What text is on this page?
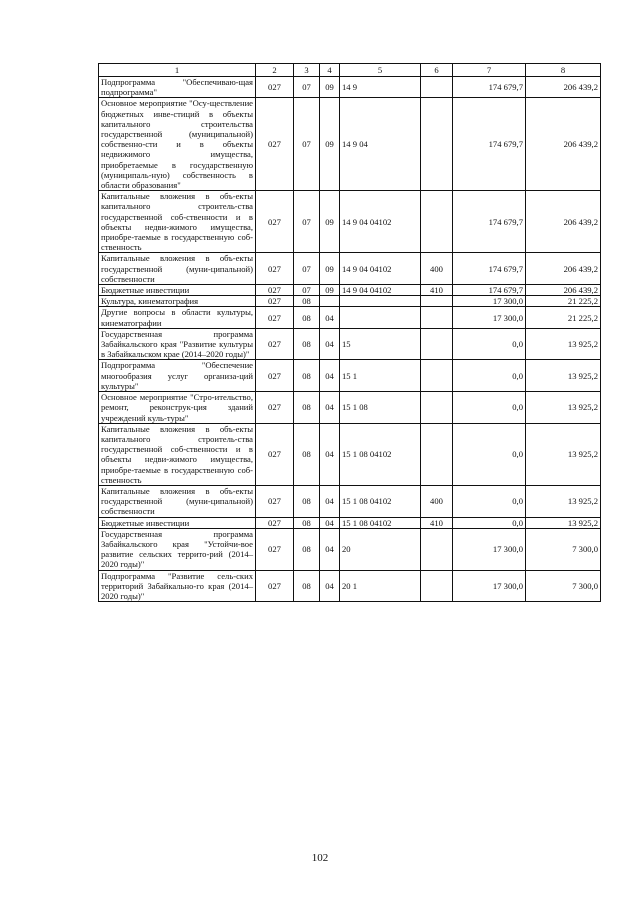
1	2	3	4	5	6	7	8
Подпрограмма "Обеспечиваю-щая подпрограмма"	027	07	09	14 9		174 679,7	206 439,2
Основное мероприятие "Осу-ществление бюджетных инве-стиций в объекты капитального строительства государственной (муниципальной) собственно-сти и в объекты недвижимого имущества, приобретаемые в государственную (муниципаль-ную) собственность в области образования"	027	07	09	14 9 04		174 679,7	206 439,2
Капитальные вложения в объ-екты капитального строитель-ства государственной соб-ственности и в объекты недви-жимого имущества, приобре-таемые в государственную соб-ственность	027	07	09	14 9 04 04102		174 679,7	206 439,2
Капитальные вложения в объ-екты государственной (муни-ципальной) собственности	027	07	09	14 9 04 04102	400	174 679,7	206 439,2
Бюджетные инвестиции	027	07	09	14 9 04 04102	410	174 679,7	206 439,2
Культура, кинематография	027	08				17 300,0	21 225,2
Другие вопросы в области культуры, кинематографии	027	08	04			17 300,0	21 225,2
Государственная программа Забайкальского края "Развитие культуры в Забайкальском крае (2014–2020 годы)"	027	08	04	15		0,0	13 925,2
Подпрограмма "Обеспечение многообразия услуг организа-ций культуры"	027	08	04	15 1		0,0	13 925,2
Основное мероприятие "Стро-ительство, ремонт, реконструк-ция зданий учреждений куль-туры"	027	08	04	15 1 08		0,0	13 925,2
Капитальные вложения в объ-екты капитального строитель-ства государственной соб-ственности и в объекты недви-жимого имущества, приобре-таемые в государственную соб-ственность	027	08	04	15 1 08 04102		0,0	13 925,2
Капитальные вложения в объ-екты государственной (муни-ципальной) собственности	027	08	04	15 1 08 04102	400	0,0	13 925,2
Бюджетные инвестиции	027	08	04	15 1 08 04102	410	0,0	13 925,2
Государственная программа Забайкальского края "Устойчи-вое развитие сельских террито-рий (2014–2020 годы)"	027	08	04	20		17 300,0	7 300,0
Подпрограмма "Развитие сель-ских территорий Забайкально-го края (2014–2020 годы)"	027	08	04	20 1		17 300,0	7 300,0
102
